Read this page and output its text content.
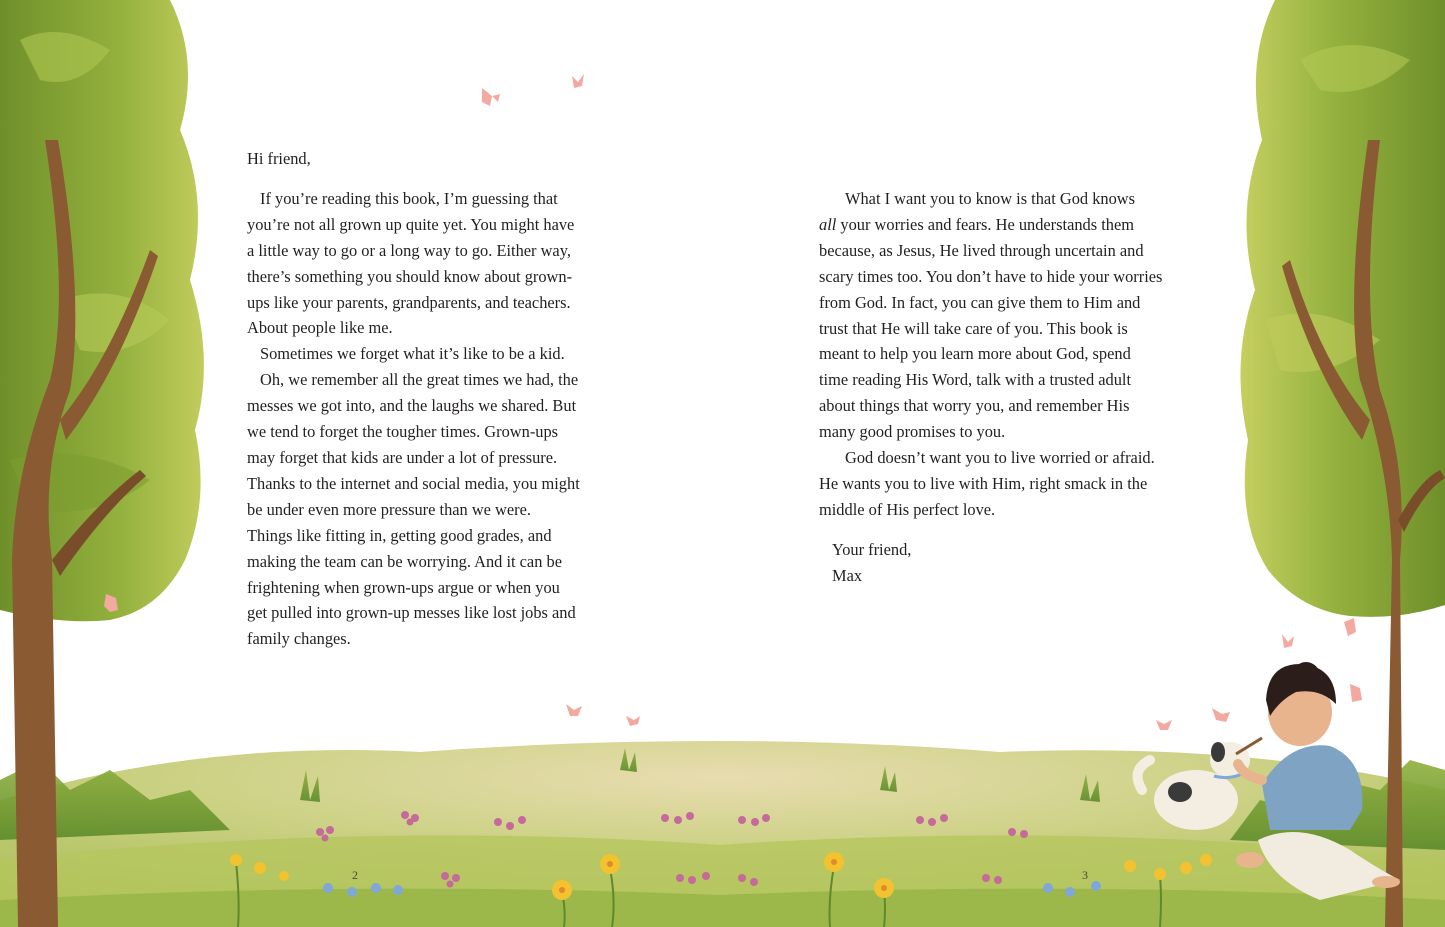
Hi friend,

If you’re reading this book, I’m guessing that
you’re not all grown up quite yet. You might have
a little way to go or a long way to go. Either way,
there’s something you should know about grown-
ups like your parents, grandparents, and teachers.
About people like me.

Sometimes we forget what it’s like to be a kid.

Oh, we remember all the great times we had, the
messes we got into, and the laughs we shared. But
we tend to forget the tougher times. Grown-ups
may forget that kids are under a lot of pressure.
Thanks to the internet and social media, you might
be under even more pressure than we were.
Things like fitting in, getting good grades, and
making the team can be worrying. And it can be
frightening when grown-ups argue or when you
get pulled into grown-up messes like lost jobs and
family changes.

What I want you to know is that God knows
all your worries and fears. He understands them
because, as Jesus, He lived through uncertain and
scary times too. You don’t have to hide your worries
from God. In fact, you can give them to Him and
trust that He will take care of you. This book is
meant to help you learn more about God, spend
time reading His Word, talk with a trusted adult
about things that worry you, and remember His
many good promises to you.

God doesn’t want you to live worried or afraid.
He wants you to live with Him, right smack in the
middle of His perfect love.

Your friend,

Max

2	3
